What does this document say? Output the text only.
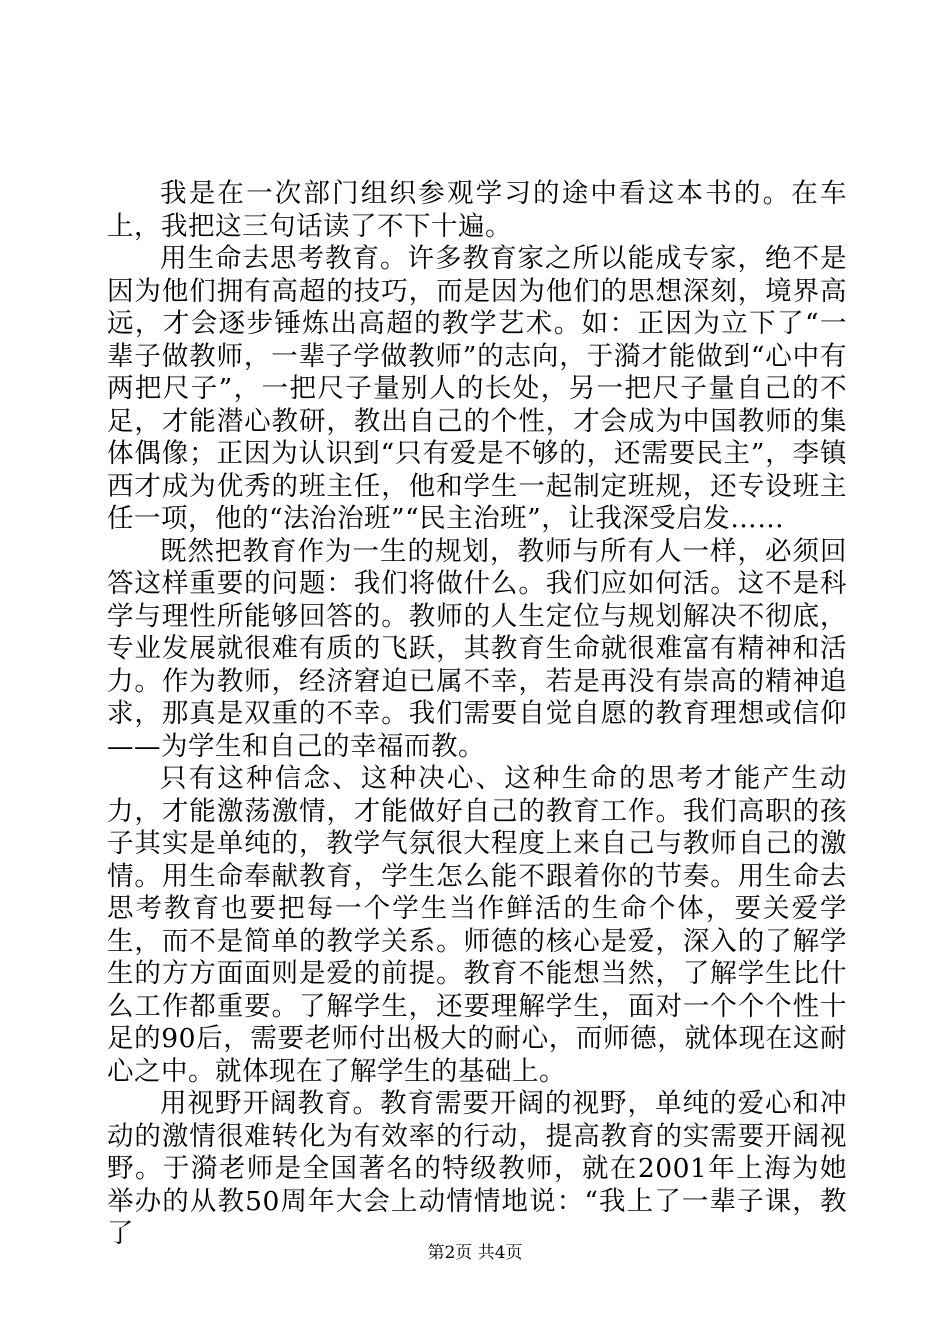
我是在一次部门组织参观学习的途中看这本书的。在车上，我把这三句话读了不下十遍。

用生命去思考教育。许多教育家之所以能成专家，绝不是因为他们拥有高超的技巧，而是因为他们的思想深刻，境界高远，才会逐步锤炼出高超的教学艺术。如：正因为立下了“一辈子做教师，一辈子学做教师”的志向，于漪才能做到“心中有两把尺子”，一把尺子量别人的长处，另一把尺子量自己的不足，才能潜心教研，教出自己的个性，才会成为中国教师的集体偶像；正因为认识到“只有爱是不够的，还需要民主”，李镇西才成为优秀的班主任，他和学生一起制定班规，还专设班主任一项，他的“法治治班”“民主治班”，让我深受启发……

既然把教育作为一生的规划，教师与所有人一样，必须回答这样重要的问题：我们将做什么。我们应如何活。这不是科学与理性所能够回答的。教师的人生定位与规划解决不彻底，专业发展就很难有质的飞跃，其教育生命就很难富有精神和活力。作为教师，经济窘迫已属不幸，若是再没有崇高的精神追求，那真是双重的不幸。我们需要自觉自愿的教育理想或信仰——为学生和自己的幸福而教。

只有这种信念、这种决心、这种生命的思考才能产生动力，才能激荡激情，才能做好自己的教育工作。我们高职的孩子其实是单纯的，教学气氛很大程度上来自己与教师自己的激情。用生命奉献教育，学生怎么能不跟着你的节奏。用生命去思考教育也要把每一个学生当作鲜活的生命个体，要关爱学生，而不是简单的教学关系。师德的核心是爱，深入的了解学生的方方面面则是爱的前提。教育不能想当然，了解学生比什么工作都重要。了解学生，还要理解学生，面对一个个个性十足的90后，需要老师付出极大的耐心，而师德，就体现在这耐心之中。就体现在了解学生的基础上。

用视野开阔教育。教育需要开阔的视野，单纯的爱心和冲动的激情很难转化为有效率的行动，提高教育的实需要开阔视野。于漪老师是全国著名的特级教师，就在2001年上海为她举办的从教50周年大会上动情情地说：“我上了一辈子课，教了

第2页 共4页
